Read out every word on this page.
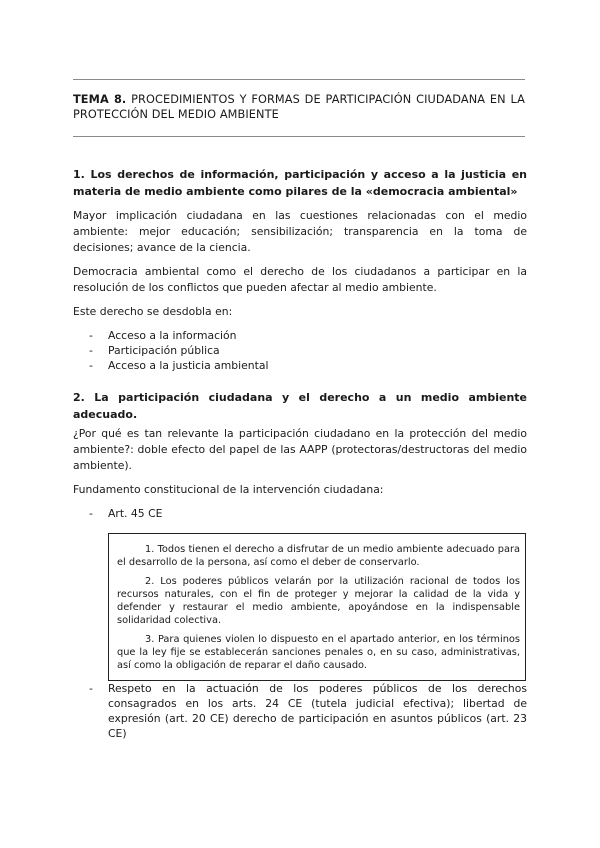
TEMA 8. PROCEDIMIENTOS Y FORMAS DE PARTICIPACIÓN CIUDADANA EN LA PROTECCIÓN DEL MEDIO AMBIENTE
1. Los derechos de información, participación y acceso a la justicia en materia de medio ambiente como pilares de la «democracia ambiental»

Mayor implicación ciudadana en las cuestiones relacionadas con el medio ambiente: mejor educación; sensibilización; transparencia en la toma de decisiones; avance de la ciencia.

Democracia ambiental como el derecho de los ciudadanos a participar en la resolución de los conflictos que pueden afectar al medio ambiente.

Este derecho se desdobla en:

- Acceso a la información
- Participación pública
- Acceso a la justicia ambiental
2. La participación ciudadana y el derecho a un medio ambiente adecuado.

¿Por qué es tan relevante la participación ciudadano en la protección del medio ambiente?: doble efecto del papel de las AAPP (protectoras/destructoras del medio ambiente).

Fundamento constitucional de la intervención ciudadana:

- Art. 45 CE

1. Todos tienen el derecho a disfrutar de un medio ambiente adecuado para el desarrollo de la persona, así como el deber de conservarlo.

2. Los poderes públicos velarán por la utilización racional de todos los recursos naturales, con el fin de proteger y mejorar la calidad de la vida y defender y restaurar el medio ambiente, apoyándose en la indispensable solidaridad colectiva.

3. Para quienes violen lo dispuesto en el apartado anterior, en los términos que la ley fije se establecerán sanciones penales o, en su caso, administrativas, así como la obligación de reparar el daño causado.

- Respeto en la actuación de los poderes públicos de los derechos consagrados en los arts. 24 CE (tutela judicial efectiva); libertad de expresión (art. 20 CE) derecho de participación en asuntos públicos (art. 23 CE)
